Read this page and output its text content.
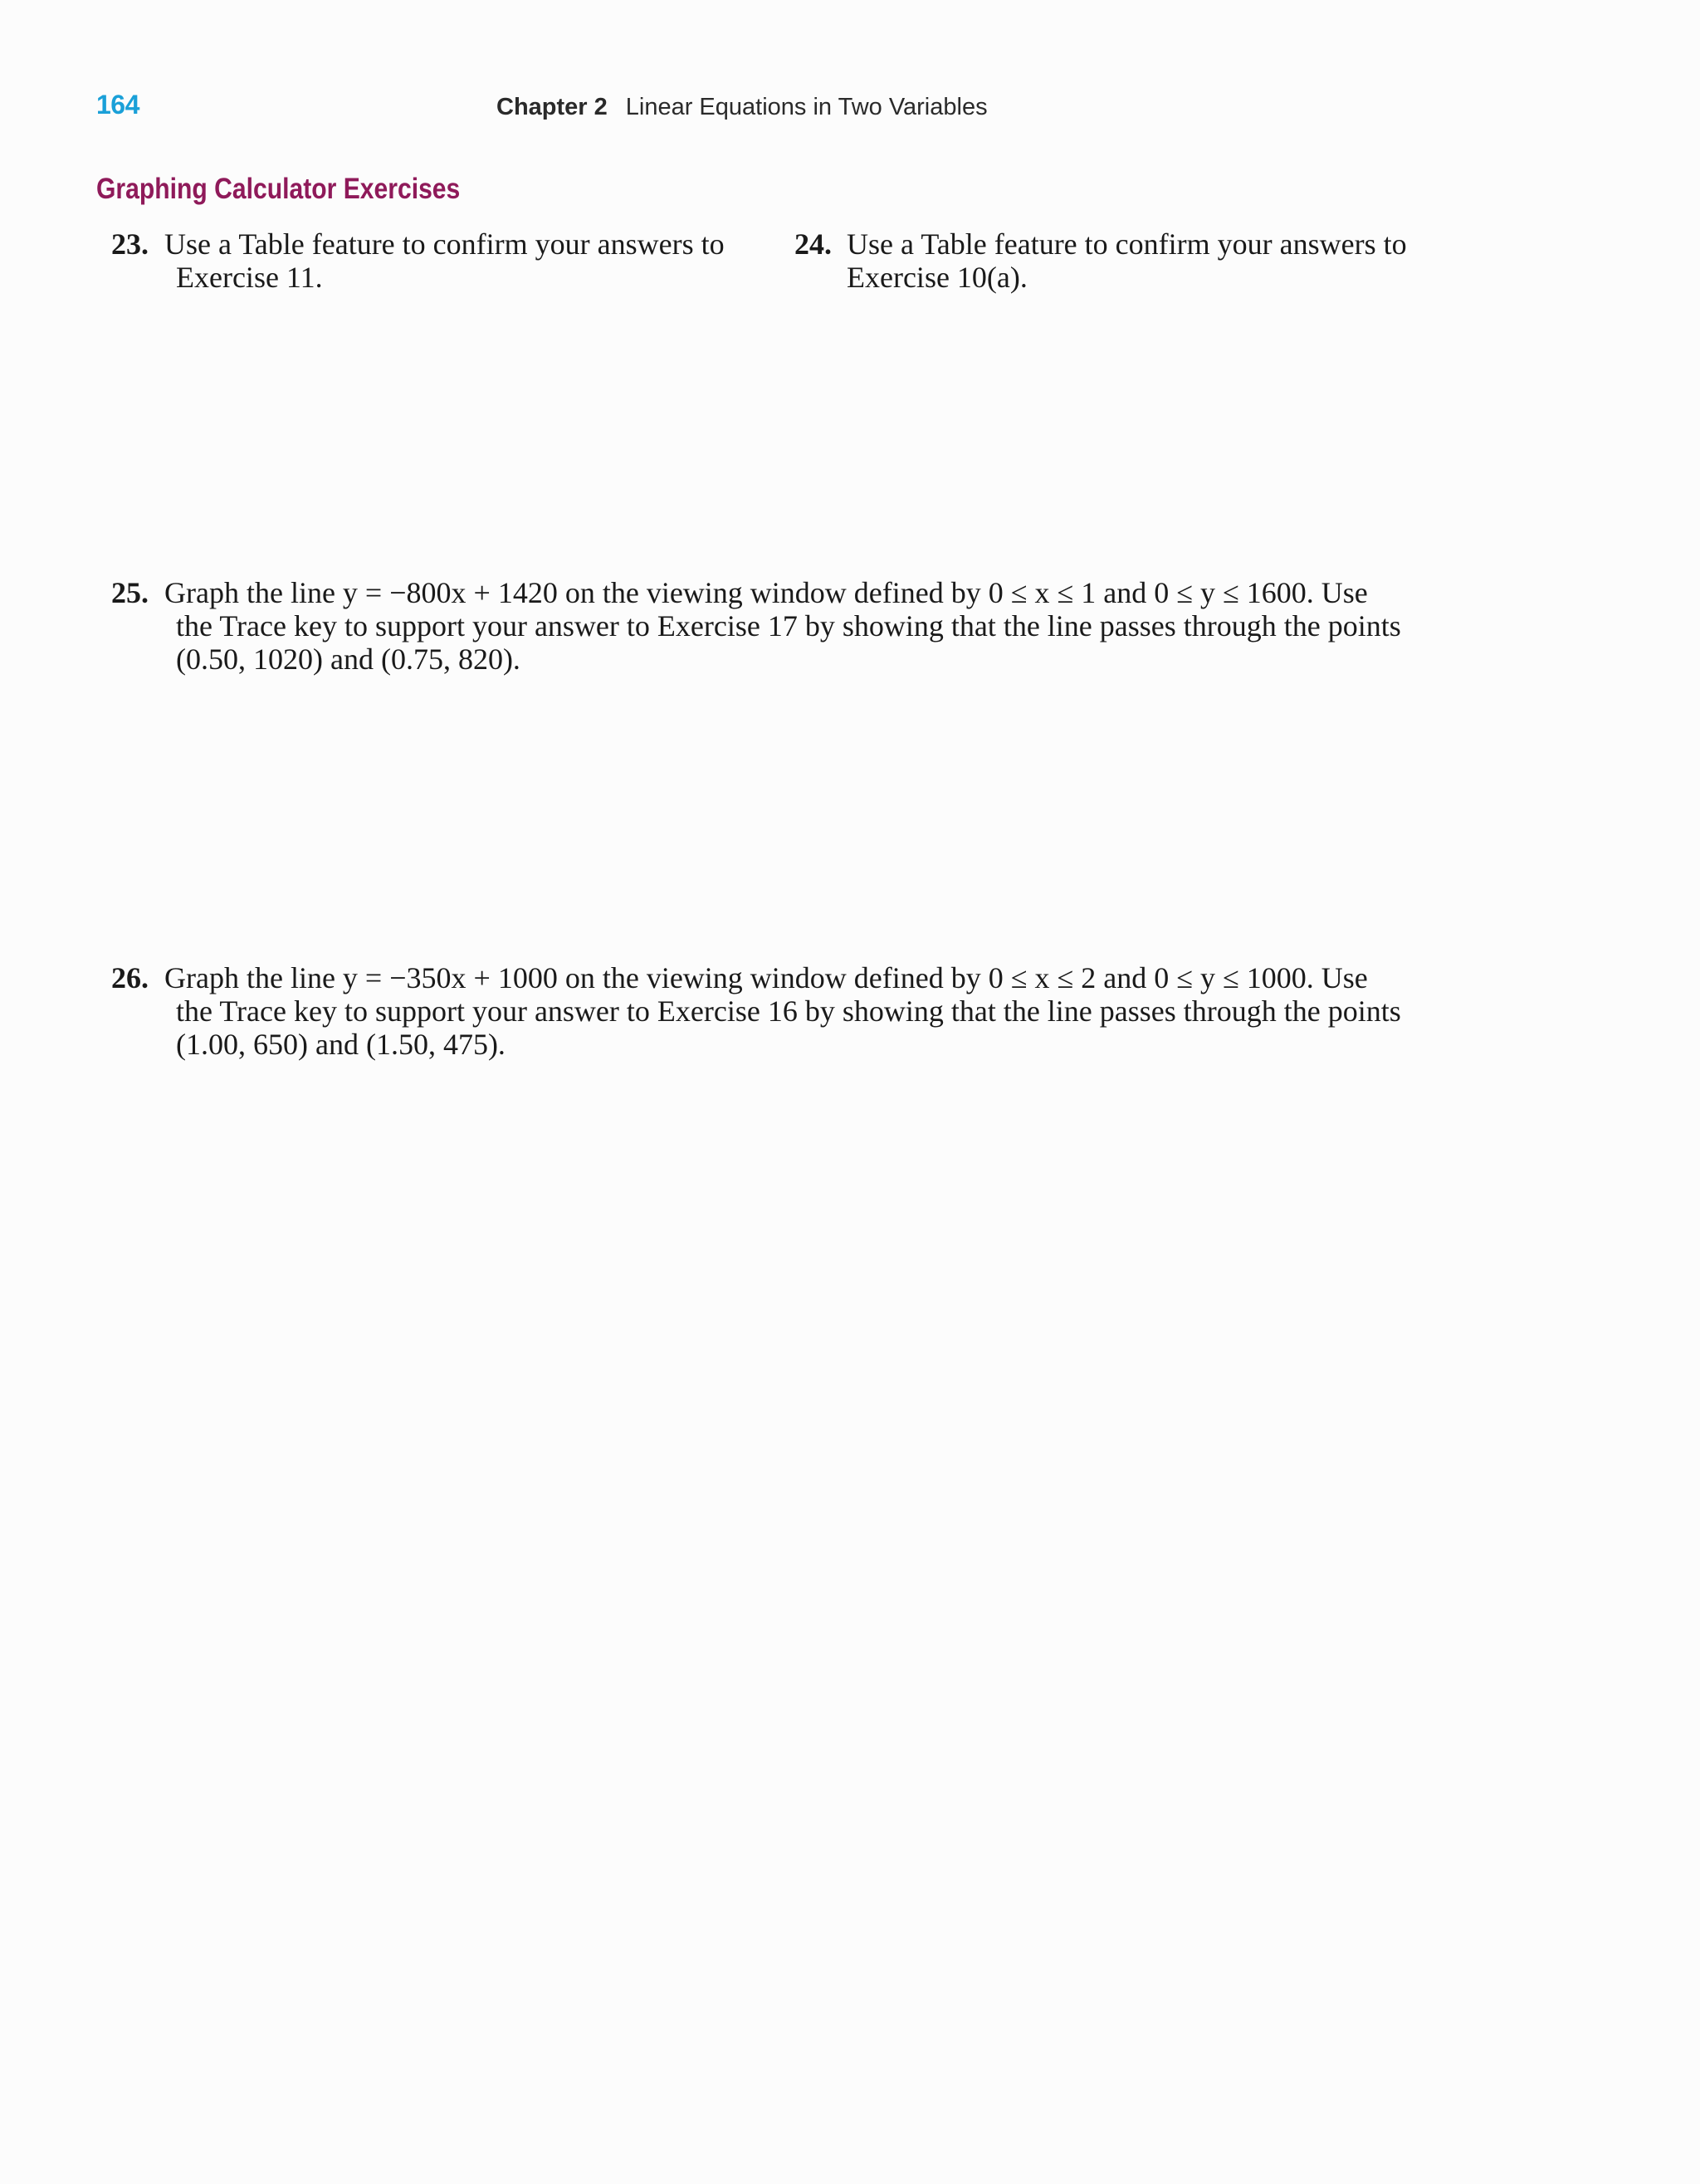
164	Chapter 2 Linear Equations in Two Variables
Graphing Calculator Exercises
23. Use a Table feature to confirm your answers to
Exercise 11.
24. Use a Table feature to confirm your answers to
Exercise 10(a).
25. Graph the line y = −800x + 1420 on the viewing window defined by 0 ≤ x ≤ 1 and 0 ≤ y ≤ 1600. Use
the Trace key to support your answer to Exercise 17 by showing that the line passes through the points
(0.50, 1020) and (0.75, 820).
26. Graph the line y = −350x + 1000 on the viewing window defined by 0 ≤ x ≤ 2 and 0 ≤ y ≤ 1000. Use
the Trace key to support your answer to Exercise 16 by showing that the line passes through the points
(1.00, 650) and (1.50, 475).
